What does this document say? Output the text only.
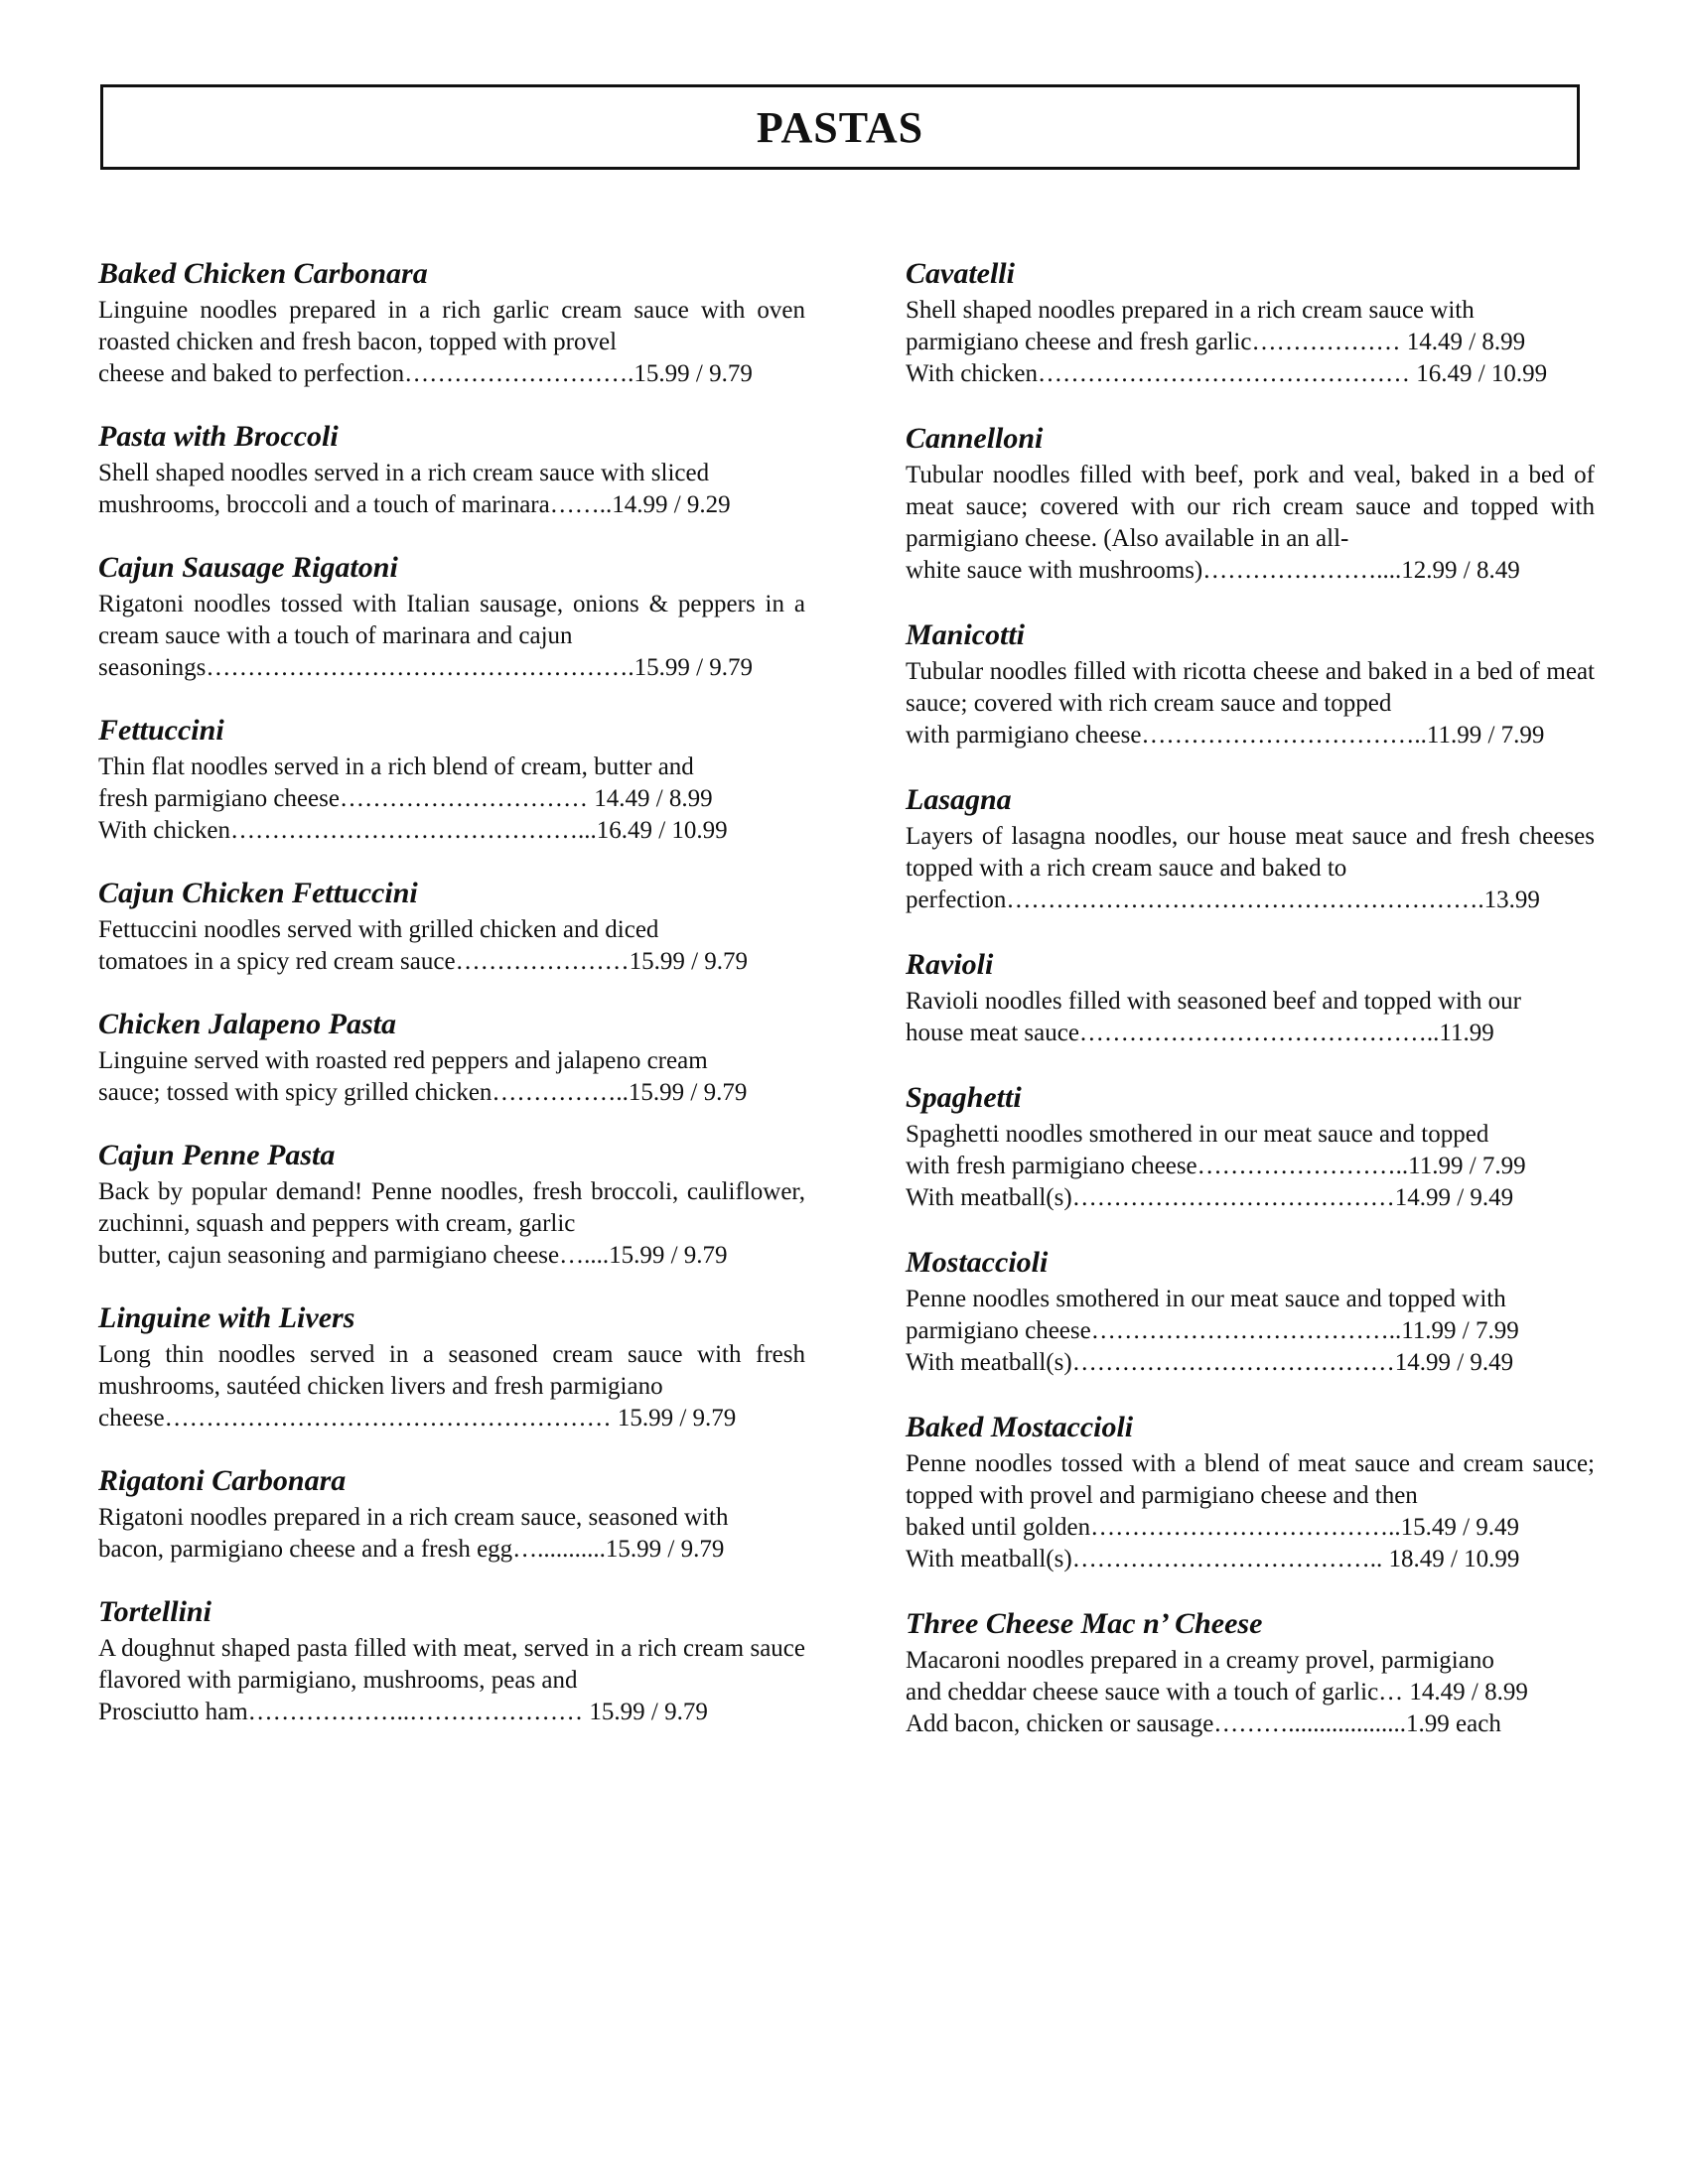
PASTAS
Baked Chicken Carbonara

Linguine noodles prepared in a rich garlic cream sauce with oven roasted chicken and fresh bacon, topped with provel

cheese and baked to perfection……………………….15.99 / 9.79

Pasta with Broccoli

Shell shaped noodles served in a rich cream sauce with sliced

mushrooms, broccoli and a touch of marinara……..14.99 / 9.29

Cajun Sausage Rigatoni

Rigatoni noodles tossed with Italian sausage, onions & peppers in a cream sauce with a touch of marinara and cajun

seasonings…………………………………………….15.99 / 9.79

Fettuccini

Thin flat noodles served in a rich blend of cream, butter and

fresh parmigiano cheese………………………… 14.49 / 8.99

With chicken……………………………………...16.49 / 10.99

Cajun Chicken Fettuccini

Fettuccini noodles served with grilled chicken and diced

tomatoes in a spicy red cream sauce…………………15.99 / 9.79

Chicken Jalapeno Pasta

Linguine served with roasted red peppers and jalapeno cream

sauce; tossed with spicy grilled chicken……………..15.99 / 9.79

Cajun Penne Pasta

Back by popular demand! Penne noodles, fresh broccoli, cauliflower, zuchinni, squash and peppers with cream, garlic

butter, cajun seasoning and parmigiano cheese…....15.99 / 9.79

Linguine with Livers

Long thin noodles served in a seasoned cream sauce with fresh mushrooms, sautéed chicken livers and fresh parmigiano

cheese……………………………………………… 15.99 / 9.79

Rigatoni Carbonara

Rigatoni noodles prepared in a rich cream sauce, seasoned with

bacon, parmigiano cheese and a fresh egg…...........15.99 / 9.79

Tortellini

A doughnut shaped pasta filled with meat, served in a rich cream sauce flavored with parmigiano, mushrooms, peas and

Prosciutto ham………………..………………… 15.99 / 9.79

Cavatelli

Shell shaped noodles prepared in a rich cream sauce with

parmigiano cheese and fresh garlic……………… 14.49 / 8.99

With chicken……………………………………… 16.49 / 10.99

Cannelloni

Tubular noodles filled with beef, pork and veal, baked in a bed of meat sauce; covered with our rich cream sauce and topped with parmigiano cheese. (Also available in an all-

white sauce with mushrooms)…………………....12.99 / 8.49

Manicotti

Tubular noodles filled with ricotta cheese and baked in a bed of meat sauce; covered with rich cream sauce and topped

with parmigiano cheese……………………………..11.99 / 7.99

Lasagna

Layers of lasagna noodles, our house meat sauce and fresh cheeses topped with a rich cream sauce and baked to

perfection………………………………………………….13.99

Ravioli

Ravioli noodles filled with seasoned beef and topped with our

house meat sauce……………………………………..11.99

Spaghetti

Spaghetti noodles smothered in our meat sauce and topped

with fresh parmigiano cheese……………………..11.99 / 7.99

With meatball(s)…………………………………14.99 / 9.49

Mostaccioli

Penne noodles smothered in our meat sauce and topped with

parmigiano cheese………………………………..11.99 / 7.99

With meatball(s)…………………………………14.99 / 9.49

Baked Mostaccioli

Penne noodles tossed with a blend of meat sauce and cream sauce; topped with provel and parmigiano cheese and then

baked until golden………………………………..15.49 / 9.49

With meatball(s)……………………………….. 18.49 / 10.99

Three Cheese Mac n’ Cheese

Macaroni noodles prepared in a creamy provel, parmigiano

and cheddar cheese sauce with a touch of garlic… 14.49 / 8.99

Add bacon, chicken or sausage………...................1.99 each
